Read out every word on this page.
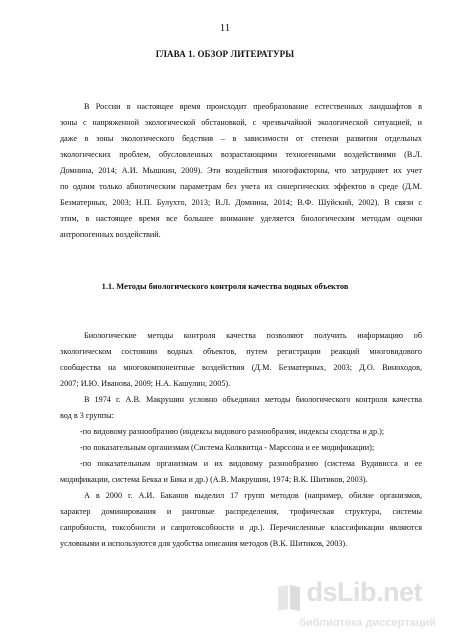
11
ГЛАВА 1. ОБЗОР ЛИТЕРАТУРЫ
В России в настоящее время происходит преобразование естественных ландшафтов в
зоны с напряженной экологической обстановкой, с чрезвычайной экологической ситуацией, и
даже в зоны экологического бедствия – в зависимости от степени развития отдельных
экологических проблем, обусловленных возрастающими техногенными воздействиями (В.Л.
Домнина, 2014; А.И. Мышкин, 2009). Эти воздействия многофакторны, что затрудняет их учет
по одним только абиотическим параметрам без учета их синергических эффектов в среде (Д.М.
Безматерных, 2003; Н.П. Булухто, 2013; В.Л. Домнина, 2014; В.Ф. Шуйский, 2002). В связи с
этим, в настоящее время все большее внимание уделяется биологическим методам оценки
антропогенных воздействий.
1.1. Методы биологического контроля качества водных объектов
Биологические методы контроля качества позволяют получить информацию об
экологическом состоянии водных объектов, путем регистрации реакций многовидового
сообщества на многокомпонентные воздействия (Д.М. Безматерных, 2003; Д.О. Виноходов,
2007; И.Ю. Иванова, 2009; Н.А. Кашулин, 2005).
В 1974 г. А.В. Макрушин условно объединил методы биологического контроля качества
вод в 3 группы:
-по видовому разнообразию (индексы видового разнообразия, индексы сходства и др.);
-по показательным организмам (Система Колквитца - Марссона и ее модификации);
-по показательным организмам и их видовому разнообразию (система Вудивисса и ее
модификации, система Бекка и Бика и др.) (А.В. Макрушин, 1974; В.К. Шитиков, 2003).
А в 2000 г. А.И. Баканов выделил 17 групп методов (например, обилие организмов,
характер доминирования и ранговые распределения, трофическая структура, системы
сапробности, токсобности и сапротоксобности и др.). Перечисленные классификации являются
условными и используются для удобства описания методов (В.К. Шитиков, 2003).
dsLib.net
библиотека диссертаций
